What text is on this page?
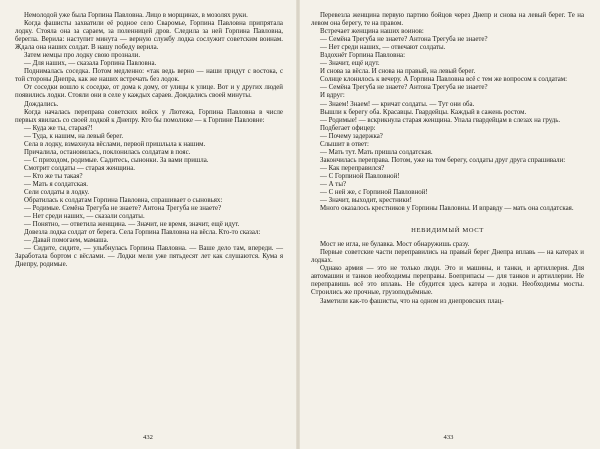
Немолодой уже была Горпина Павловна. Лицо в морщинах, в мозолях руки.

Когда фашисты захватили её родное село Сваромье, Горпина Павловна припрятала лодку. Стояла она за сараем, за поленницей дров. Следила за ней Горпина Павловна, берегла. Верила: наступит минута — верную службу лодка сослужит советским воинам. Ждала она наших солдат. В нашу победу верила.

Затем немцы про лодку свою прознали.

— Для наших, — сказала Горпина Павловна.

Поднималась соседка. Потом медленно: «так ведь верно — наши придут с востока, с той стороны Днепра, как же наших встречать без лодок.

От соседки вошло к соседке, от дома к дому, от улицы к улице. Вот и у других людей появились лодки. Стояли они в селе у каждых сараев. Дождались своей минуты.

Дождались.

Когда началась переправа советских войск у Лютежа, Горпина Павловна в числе первых явилась со своей лодкой к Днепру. Кто бы помолиже — к Горпине Павловне:

— Куда же ты, старая?!

— Туда, к нашим, на левый берег.

Села в лодку, взмахнула вёслами, первой пришлыла к нашим.

Причалила, остановилась, поклонилась солдатам в пояс.

— С приходом, родимые. Садитесь, сынонки. За вами пришла.

Смотрит солдаты — старая женщина.

— Кто же ты такая?

— Мать я солдатская.

Сели солдаты в лодку.

Обратилась к солдатам Горпина Павловна, спрашивает о сыновьях:

— Родимые. Семёна Трегуба не знаете? Антона Трегуба не знаете?

— Нет среди наших, — сказали солдаты.

— Понятно, — ответила женщина. — Значит, не время, значит, ещё идут.

Довезла лодка солдат от берега. Села Горпина Павловна на вёсла. Кто-то сказал:

— Давай помогаем, мамаша.

— Сидите, сидите, — улыбнулась Горпина Павловна. — Ваше дело там, впереди. — Заработала бортом с вёслами. — Лодки мели уже пятьдесят лет как слушаются. Кума я Днепру, родимые.

432

Перевезла женщина первую партию бойцов через Днепр и снова на левый берег. Те на левом она берегу, те на правом.

Встречает женщина наших воинов:

— Семёна Трегуба не знаете? Антона Трегуба не знаете?

— Нет среди наших, — отвечают солдаты.

Вздохнёт Горпина Павловна:

— Значит, ещё идут.

И снова за вёсла. И снова на правый, на левый берег.

Солнце клонилось к вечеру. А Горпина Павловна всё с тем же вопросом к солдатам:

— Семёна Трегуба не знаете? Антона Трегуба не знаете?

И вдруг:

— Знаем! Знаем! — кричат солдаты. — Тут они оба.

Вышли к берегу оба. Красавцы. Гвардейцы. Каждый в сажень ростом.

— Родимые! — вскрикнула старая женщина. Упала гвардейцам в слезах на грудь.

Подбегает офицер:

— Почему задержка?

Слышит в ответ:

— Мать тут. Мать пришла солдатская.

Закончилась переправа. Потом, уже на том берегу, солдаты друг друга спрашивали:

— Как переправился?

— С Горпиной Павловной!

— А ты?

— С ней же, с Горпиной Павловной!

— Значит, выходит, крестники!

Много оказалось крестников у Горпины Павловны. И вправду — мать она солдатская.

НЕВИДИМЫЙ МОСТ

Мост не игла, не булавка. Мост обнаружишь сразу.

Первые советские части переправились на правый берег Днепра вплавь — на катерах и лодках.

Однако армия — это не только люди. Это и машины, и танки, и артиллерия. Для автомашин и танков необходимы переправы. Боеприпасы — для танков и артиллерии. Не переправишь всё это вплавь. Не сбудится здесь катера и лодки. Необходимы мосты. Строились же прочные, грузоподъёмные.

Заметили как-то фашисты, что на одном из днепровских плац-

433
